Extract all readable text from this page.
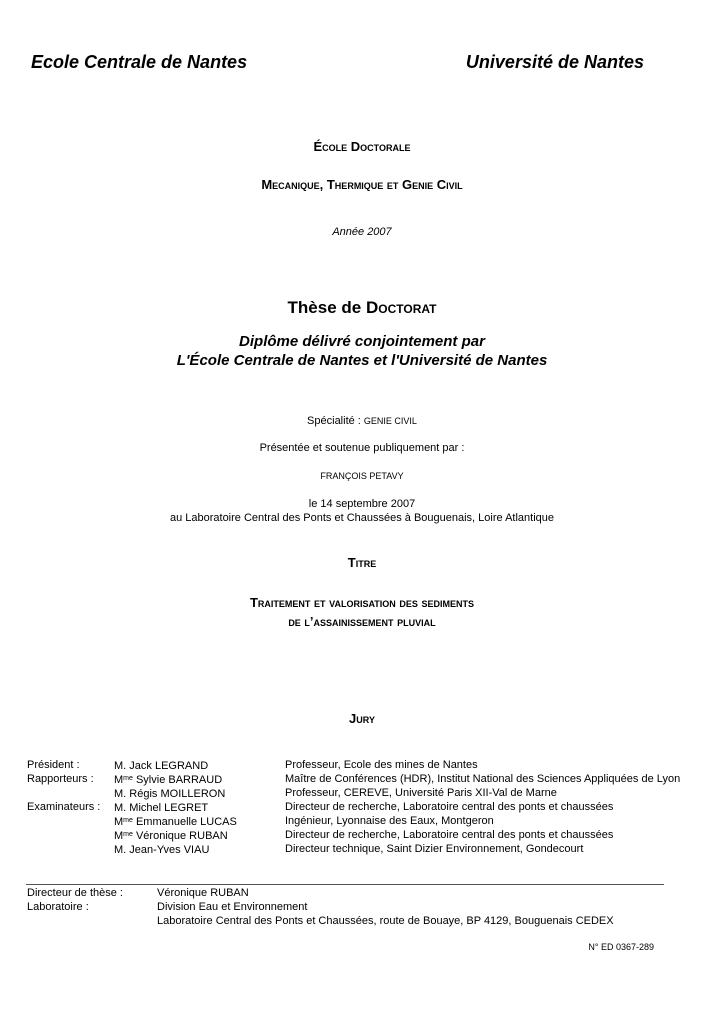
Ecole Centrale de Nantes	Université de Nantes
École Doctorale
Mecanique, Thermique et Genie Civil
Année 2007
Thèse de Doctorat
Diplôme délivré conjointement par
L'École Centrale de Nantes et l'Université de Nantes
Spécialité : GENIE CIVIL
Présentée et soutenue publiquement par :
FRANÇOIS PETAVY
le 14 septembre 2007
au Laboratoire Central des Ponts et Chaussées à Bouguenais, Loire Atlantique
Titre
Traitement et valorisation des sediments
de l’assainissement pluvial
Jury
Président :
Rapporteurs :
Examinateurs :
M. Jack LEGRAND
$M^{me}$ Sylvie BARRAUD
M. Régis MOILLERON
M. Michel LEGRET
$M^{me}$ Emmanuelle LUCAS
$M^{me}$ Véronique RUBAN
M. Jean-Yves VIAU
Professeur, Ecole des mines de Nantes
Maître de Conférences (HDR), Institut National des Sciences Appliquées de Lyon
Professeur, CEREVE, Université Paris XII-Val de Marne
Directeur de recherche, Laboratoire central des ponts et chaussées
Ingénieur, Lyonnaise des Eaux, Montgeron
Directeur de recherche, Laboratoire central des ponts et chaussées
Directeur technique, Saint Dizier Environnement, Gondecourt
Directeur de thèse :
Laboratoire :
Véronique RUBAN
Division Eau et Environnement
Laboratoire Central des Ponts et Chaussées, route de Bouaye, BP 4129, Bouguenais CEDEX
N° ED 0367-289
